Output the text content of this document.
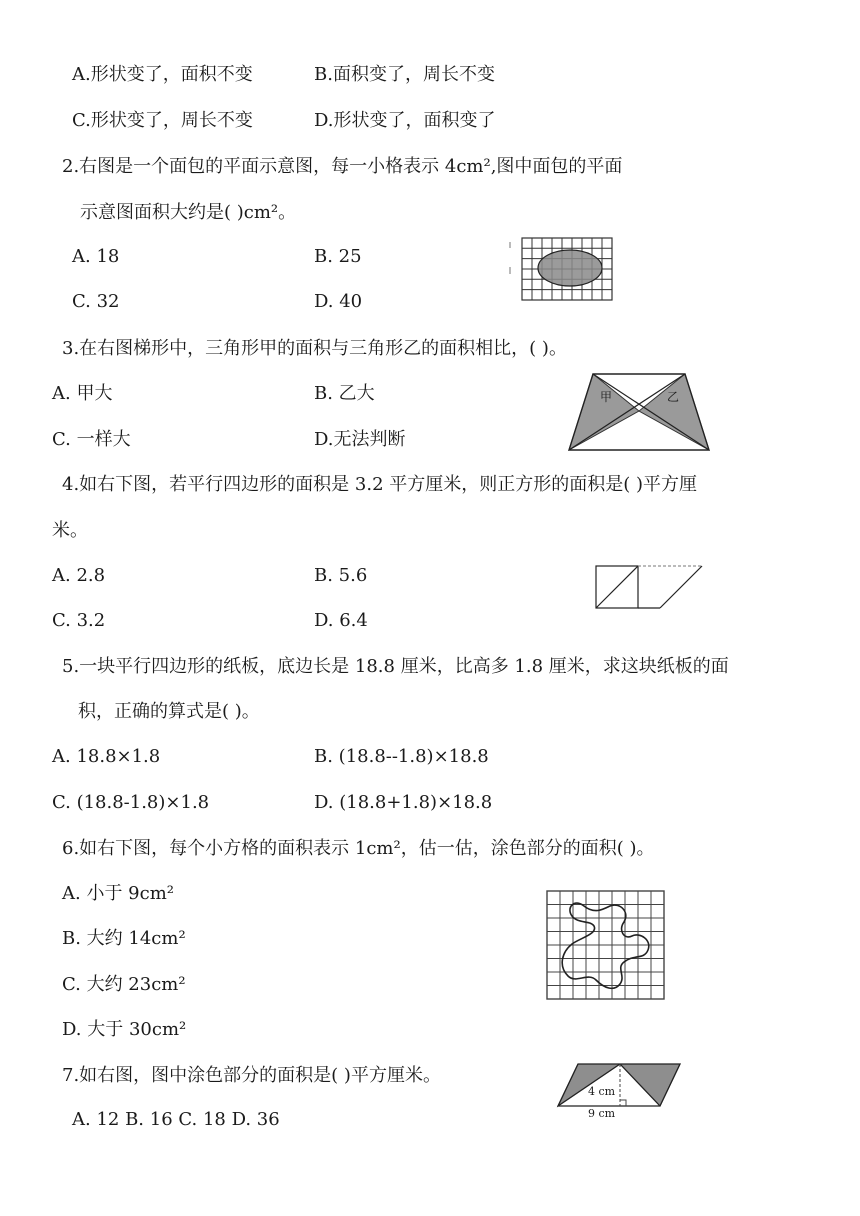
A.形状变了，面积不变	B.面积变了，周长不变
C.形状变了，周长不变	D.形状变了，面积变了
2.右图是一个面包的平面示意图，每一小格表示 4cm²,图中面包的平面
示意图面积大约是( )cm²。
A. 18	B. 25
C. 32	D. 40
3.在右图梯形中，三角形甲的面积与三角形乙的面积相比，( )。
A. 甲大	B. 乙大
C. 一样大	D.无法判断
甲	乙
4.如右下图，若平行四边形的面积是 3.2 平方厘米，则正方形的面积是( )平方厘
米。
A. 2.8	B. 5.6
C. 3.2	D. 6.4
5.一块平行四边形的纸板，底边长是 18.8 厘米，比高多 1.8 厘米，求这块纸板的面
积，正确的算式是( )。
A. 18.8×1.8	B. (18.8--1.8)×18.8
C. (18.8-1.8)×1.8	D. (18.8+1.8)×18.8
6.如右下图，每个小方格的面积表示 1cm²，估一估，涂色部分的面积( )。
A. 小于 9cm²
B. 大约 14cm²
C. 大约 23cm²
D. 大于 30cm²
7.如右图，图中涂色部分的面积是( )平方厘米。
A. 12 B. 16 C. 18 D. 36
4 cm
9 cm
